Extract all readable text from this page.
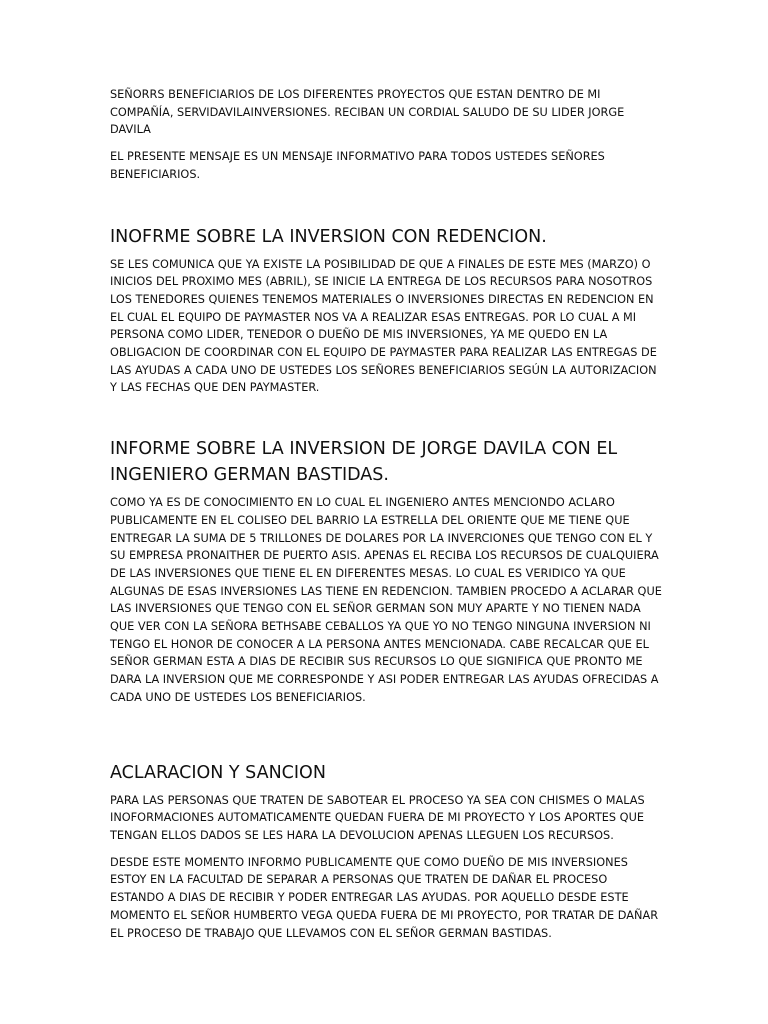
SEÑORRS BENEFICIARIOS DE LOS DIFERENTES PROYECTOS QUE ESTAN DENTRO DE MI COMPAÑÍA, SERVIDAVILAINVERSIONES. RECIBAN UN CORDIAL SALUDO DE SU LIDER JORGE DAVILA

EL PRESENTE MENSAJE ES UN MENSAJE INFORMATIVO PARA TODOS USTEDES SEÑORES BENEFICIARIOS.

INOFRME SOBRE LA INVERSION CON REDENCION.

SE LES COMUNICA QUE YA EXISTE LA POSIBILIDAD DE QUE A FINALES DE ESTE MES (MARZO) O INICIOS DEL PROXIMO MES (ABRIL), SE INICIE LA ENTREGA DE LOS RECURSOS PARA NOSOTROS LOS TENEDORES QUIENES TENEMOS MATERIALES O INVERSIONES DIRECTAS EN REDENCION EN EL CUAL EL EQUIPO DE PAYMASTER NOS VA A REALIZAR ESAS ENTREGAS. POR LO CUAL A MI PERSONA COMO LIDER, TENEDOR O DUEÑO DE MIS INVERSIONES, YA ME QUEDO EN LA OBLIGACION DE COORDINAR CON EL EQUIPO DE PAYMASTER PARA REALIZAR LAS ENTREGAS DE LAS AYUDAS A CADA UNO DE USTEDES LOS SEÑORES BENEFICIARIOS SEGÚN LA AUTORIZACION Y LAS FECHAS QUE DEN PAYMASTER.

INFORME SOBRE LA INVERSION DE JORGE DAVILA CON EL INGENIERO GERMAN BASTIDAS.

COMO YA ES DE CONOCIMIENTO EN LO CUAL EL INGENIERO ANTES MENCIONDO ACLARO PUBLICAMENTE EN EL COLISEO DEL BARRIO LA ESTRELLA DEL ORIENTE QUE ME TIENE QUE ENTREGAR LA SUMA DE 5 TRILLONES DE DOLARES POR LA INVERCIONES QUE TENGO CON EL Y SU EMPRESA PRONAITHER DE PUERTO ASIS. APENAS EL RECIBA LOS RECURSOS DE CUALQUIERA DE LAS INVERSIONES QUE TIENE EL EN DIFERENTES MESAS. LO CUAL ES VERIDICO YA QUE ALGUNAS DE ESAS INVERSIONES LAS TIENE EN REDENCION. TAMBIEN PROCEDO A ACLARAR QUE LAS INVERSIONES QUE TENGO CON EL SEÑOR GERMAN SON MUY APARTE Y NO TIENEN NADA QUE VER CON LA SEÑORA BETHSABE CEBALLOS YA QUE YO NO TENGO NINGUNA INVERSION NI TENGO EL HONOR DE CONOCER A LA PERSONA ANTES MENCIONADA. CABE RECALCAR QUE EL SEÑOR GERMAN ESTA A DIAS DE RECIBIR SUS RECURSOS LO QUE SIGNIFICA QUE PRONTO ME DARA LA INVERSION QUE ME CORRESPONDE Y ASI PODER ENTREGAR LAS AYUDAS OFRECIDAS A CADA UNO DE USTEDES LOS BENEFICIARIOS.

ACLARACION Y SANCION

PARA LAS PERSONAS QUE TRATEN DE SABOTEAR EL PROCESO YA SEA CON CHISMES O MALAS INOFORMACIONES AUTOMATICAMENTE QUEDAN FUERA DE MI PROYECTO Y LOS APORTES QUE TENGAN ELLOS DADOS SE LES HARA LA DEVOLUCION APENAS LLEGUEN LOS RECURSOS.

DESDE ESTE MOMENTO INFORMO PUBLICAMENTE QUE COMO DUEÑO DE MIS INVERSIONES ESTOY EN LA FACULTAD DE SEPARAR A PERSONAS QUE TRATEN DE DAÑAR EL PROCESO ESTANDO A DIAS DE RECIBIR Y PODER ENTREGAR LAS AYUDAS. POR AQUELLO DESDE ESTE MOMENTO EL SEÑOR HUMBERTO VEGA QUEDA FUERA DE MI PROYECTO, POR TRATAR DE DAÑAR EL PROCESO DE TRABAJO QUE LLEVAMOS CON EL SEÑOR GERMAN BASTIDAS.
